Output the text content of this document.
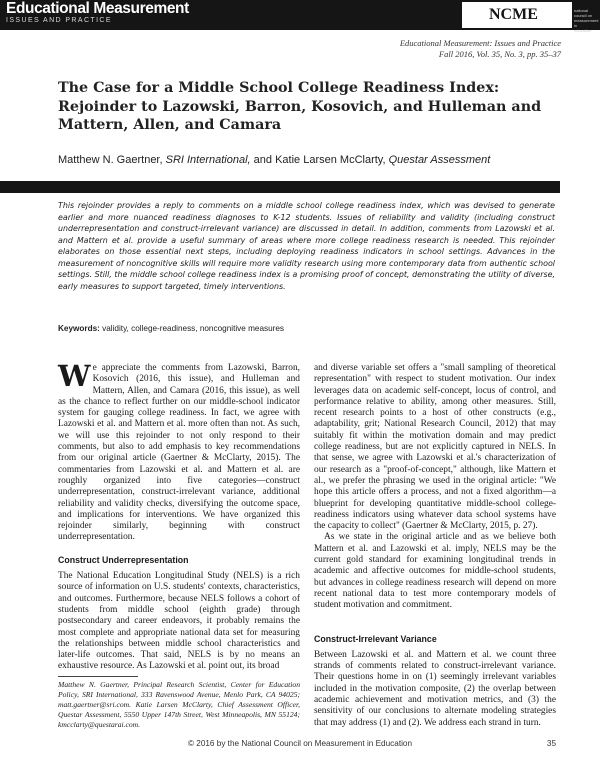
Educational Measurement
ISSUES AND PRACTICE	NCME	national council on measurement in education
Educational Measurement: Issues and Practice
Fall 2016, Vol. 35, No. 3, pp. 35–37
The Case for a Middle School College Readiness Index: Rejoinder to Lazowski, Barron, Kosovich, and Hulleman and Mattern, Allen, and Camara
Matthew N. Gaertner, SRI International, and Katie Larsen McClarty, Questar Assessment

This rejoinder provides a reply to comments on a middle school college readiness index, which was devised to generate earlier and more nuanced readiness diagnoses to K-12 students. Issues of reliability and validity (including construct underrepresentation and construct-irrelevant variance) are discussed in detail. In addition, comments from Lazowski et al. and Mattern et al. provide a useful summary of areas where more college readiness research is needed. This rejoinder elaborates on those essential next steps, including deploying readiness indicators in school settings. Advances in the measurement of noncognitive skills will require more validity research using more contemporary data from authentic school settings. Still, the middle school college readiness index is a promising proof of concept, demonstrating the utility of diverse, early measures to support targeted, timely interventions.

Keywords: validity, college-readiness, noncognitive measures

We appreciate the comments from Lazowski, Barron, Kosovich (2016, this issue), and Hulleman and Mattern, Allen, and Camara (2016, this issue), as well as the chance to reflect further on our middle-school indicator system for gauging college readiness. In fact, we agree with Lazowski et al. and Mattern et al. more often than not. As such, we will use this rejoinder to not only respond to their comments, but also to add emphasis to key recommendations from our original article (Gaertner & McClarty, 2015). The commentaries from Lazowski et al. and Mattern et al. are roughly organized into five categories—construct underrepresentation, construct-irrelevant variance, additional reliability and validity checks, diversifying the outcome space, and implications for interventions. We have organized this rejoinder similarly, beginning with construct underrepresentation.

Construct Underrepresentation

The National Education Longitudinal Study (NELS) is a rich source of information on U.S. students' contexts, characteristics, and outcomes. Furthermore, because NELS follows a cohort of students from middle school (eighth grade) through postsecondary and career endeavors, it probably remains the most complete and appropriate national data set for measuring the relationships between middle school characteristics and later-life outcomes. That said, NELS is by no means an exhaustive resource. As Lazowski et al. point out, its broad

and diverse variable set offers a "small sampling of theoretical representation" with respect to student motivation. Our index leverages data on academic self-concept, locus of control, and performance relative to ability, among other measures. Still, recent research points to a host of other constructs (e.g., adaptability, grit; National Research Council, 2012) that may suitably fit within the motivation domain and may predict college readiness, but are not explicitly captured in NELS. In that sense, we agree with Lazowski et al.'s characterization of our research as a "proof-of-concept," although, like Mattern et al., we prefer the phrasing we used in the original article: "We hope this article offers a process, and not a fixed algorithm—a blueprint for developing quantitative middle-school college-readiness indicators using whatever data school systems have the capacity to collect" (Gaertner & McClarty, 2015, p. 27).

As we state in the original article and as we believe both Mattern et al. and Lazowski et al. imply, NELS may be the current gold standard for examining longitudinal trends in academic and affective outcomes for middle-school students, but advances in college readiness research will depend on more recent national data to test more contemporary models of student motivation and commitment.

Construct-Irrelevant Variance

Between Lazowski et al. and Mattern et al. we count three strands of comments related to construct-irrelevant variance. Their questions home in on (1) seemingly irrelevant variables included in the motivation composite, (2) the overlap between academic achievement and motivation metrics, and (3) the sensitivity of our conclusions to alternate modeling strategies that may address (1) and (2). We address each strand in turn.

Matthew N. Gaertner, Principal Research Scientist, Center for Education Policy, SRI International, 333 Ravenswood Avenue, Menlo Park, CA 94025; matt.gaertner@sri.com. Katie Larsen McClarty, Chief Assessment Officer, Questar Assessment, 5550 Upper 147th Street, West Minneapolis, MN 55124; kmcclarty@questarai.com.

© 2016 by the National Council on Measurement in Education	35
